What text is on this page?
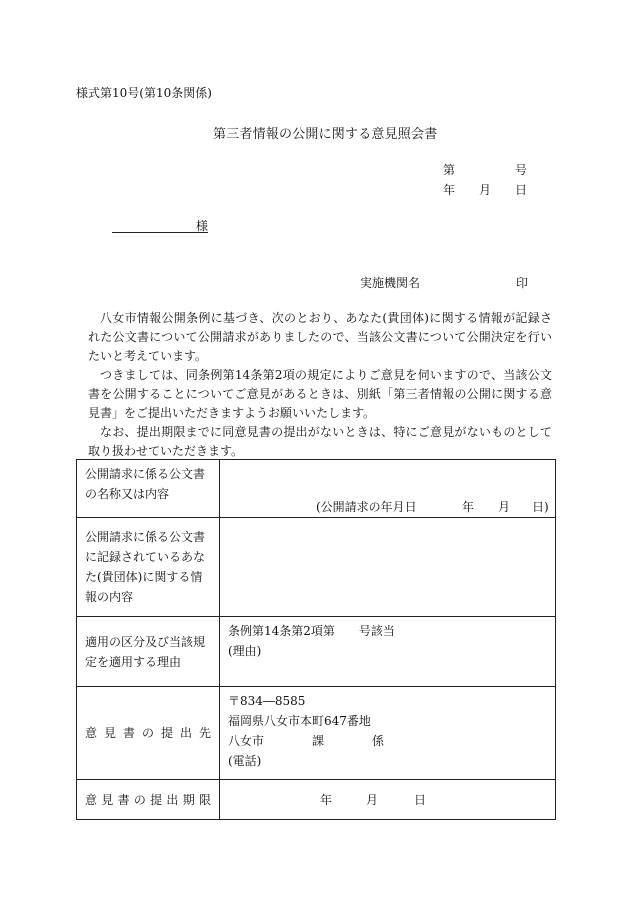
様式第10号(第10条関係)
第三者情報の公開に関する意見照会書
第	号
年 月 日
様
実施機関名	印
八女市情報公開条例に基づき、次のとおり、あなた(貴団体)に関する情報が記録された公文書について公開請求がありましたので、当該公文書について公開決定を行いたいと考えています。
つきましては、同条例第14条第2項の規定によりご意見を伺いますので、当該公文書を公開することについてご意見があるときは、別紙「第三者情報の公開に関する意見書」をご提出いただきますようお願いいたします。
なお、提出期限までに同意見書の提出がないときは、特にご意見がないものとして取り扱わせていただきます。
公開請求に係る公文書の名称又は内容	(公開請求の年月日 年 月 日)

公開請求に係る公文書に記録されているあなた(貴団体)に関する情報の内容	
適用の区分及び当該規定を適用する理由	条例第14条第2項第　　号該当
(理由)

意見書の提出先	〒834―8585
福岡県八女市本町647番地
八女市 課 係
(電話)

意見書の提出期限	年 月 日
